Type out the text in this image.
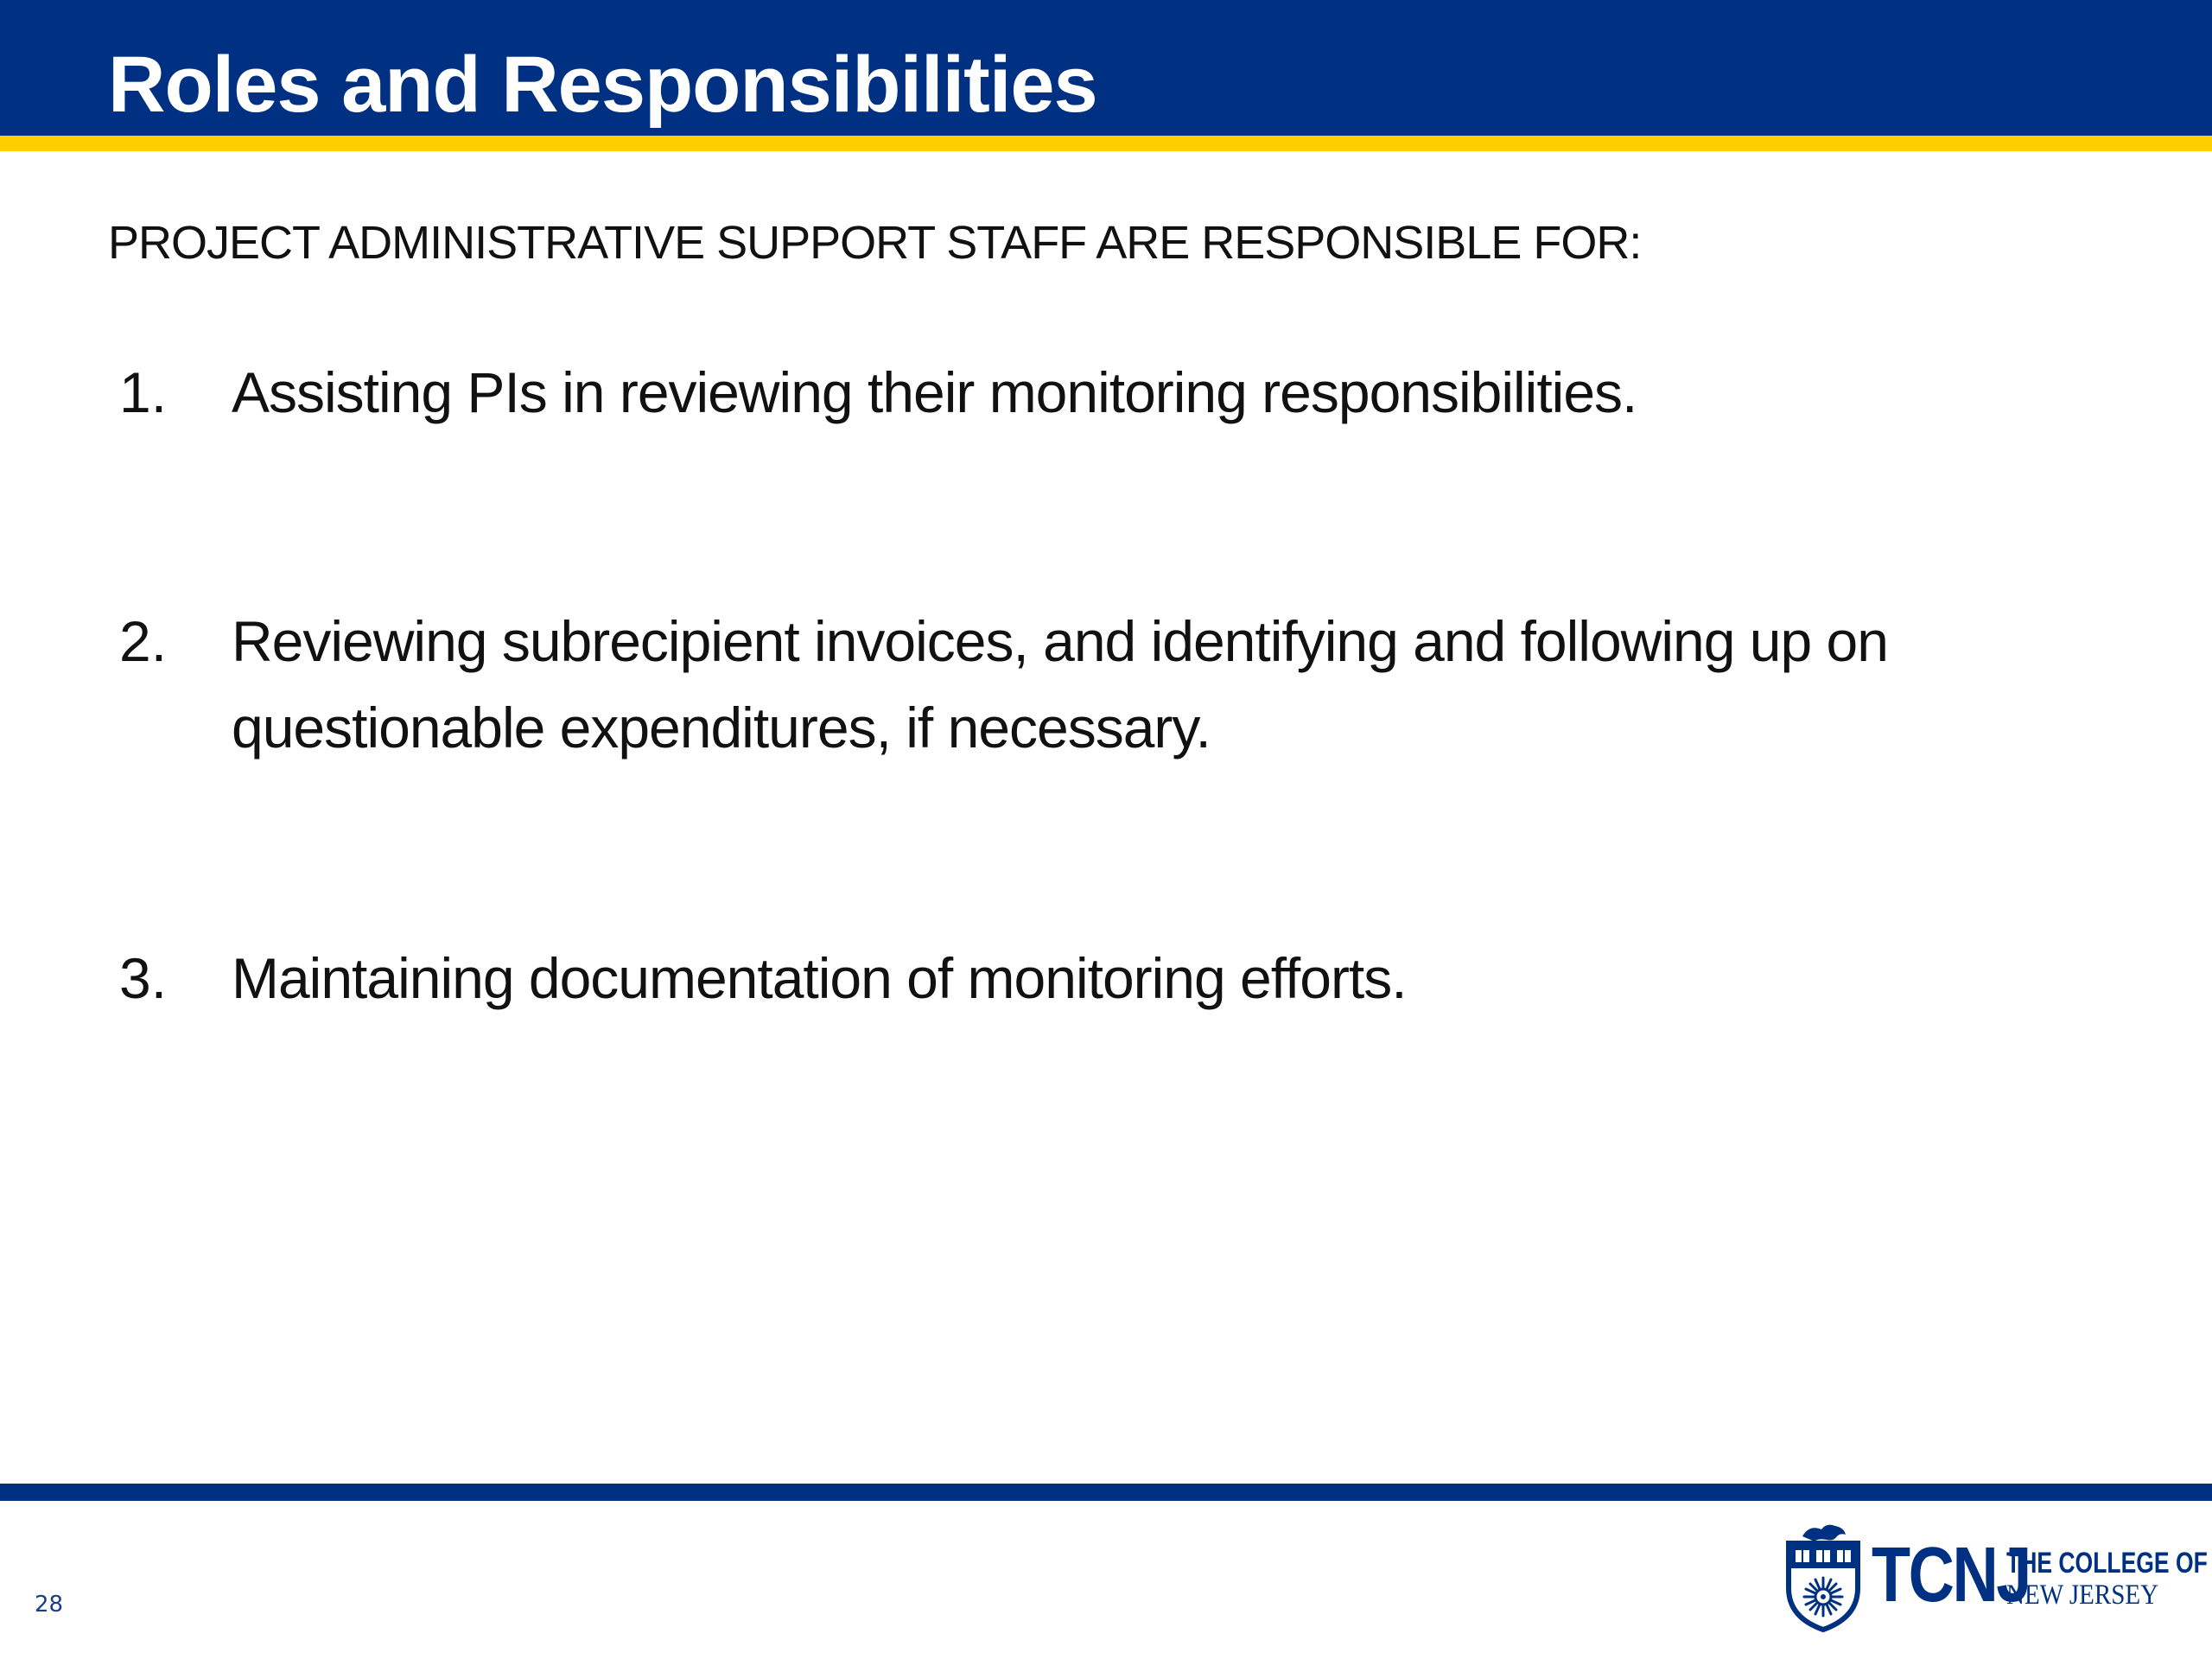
Roles and Responsibilities

PROJECT ADMINISTRATIVE SUPPORT STAFF ARE RESPONSIBLE FOR:

1. Assisting PIs in reviewing their monitoring responsibilities.
2. Reviewing subrecipient invoices, and identifying and following up on questionable expenditures, if necessary.
3. Maintaining documentation of monitoring efforts.
28	TCNJ
THE COLLEGE OF
NEW JERSEY
